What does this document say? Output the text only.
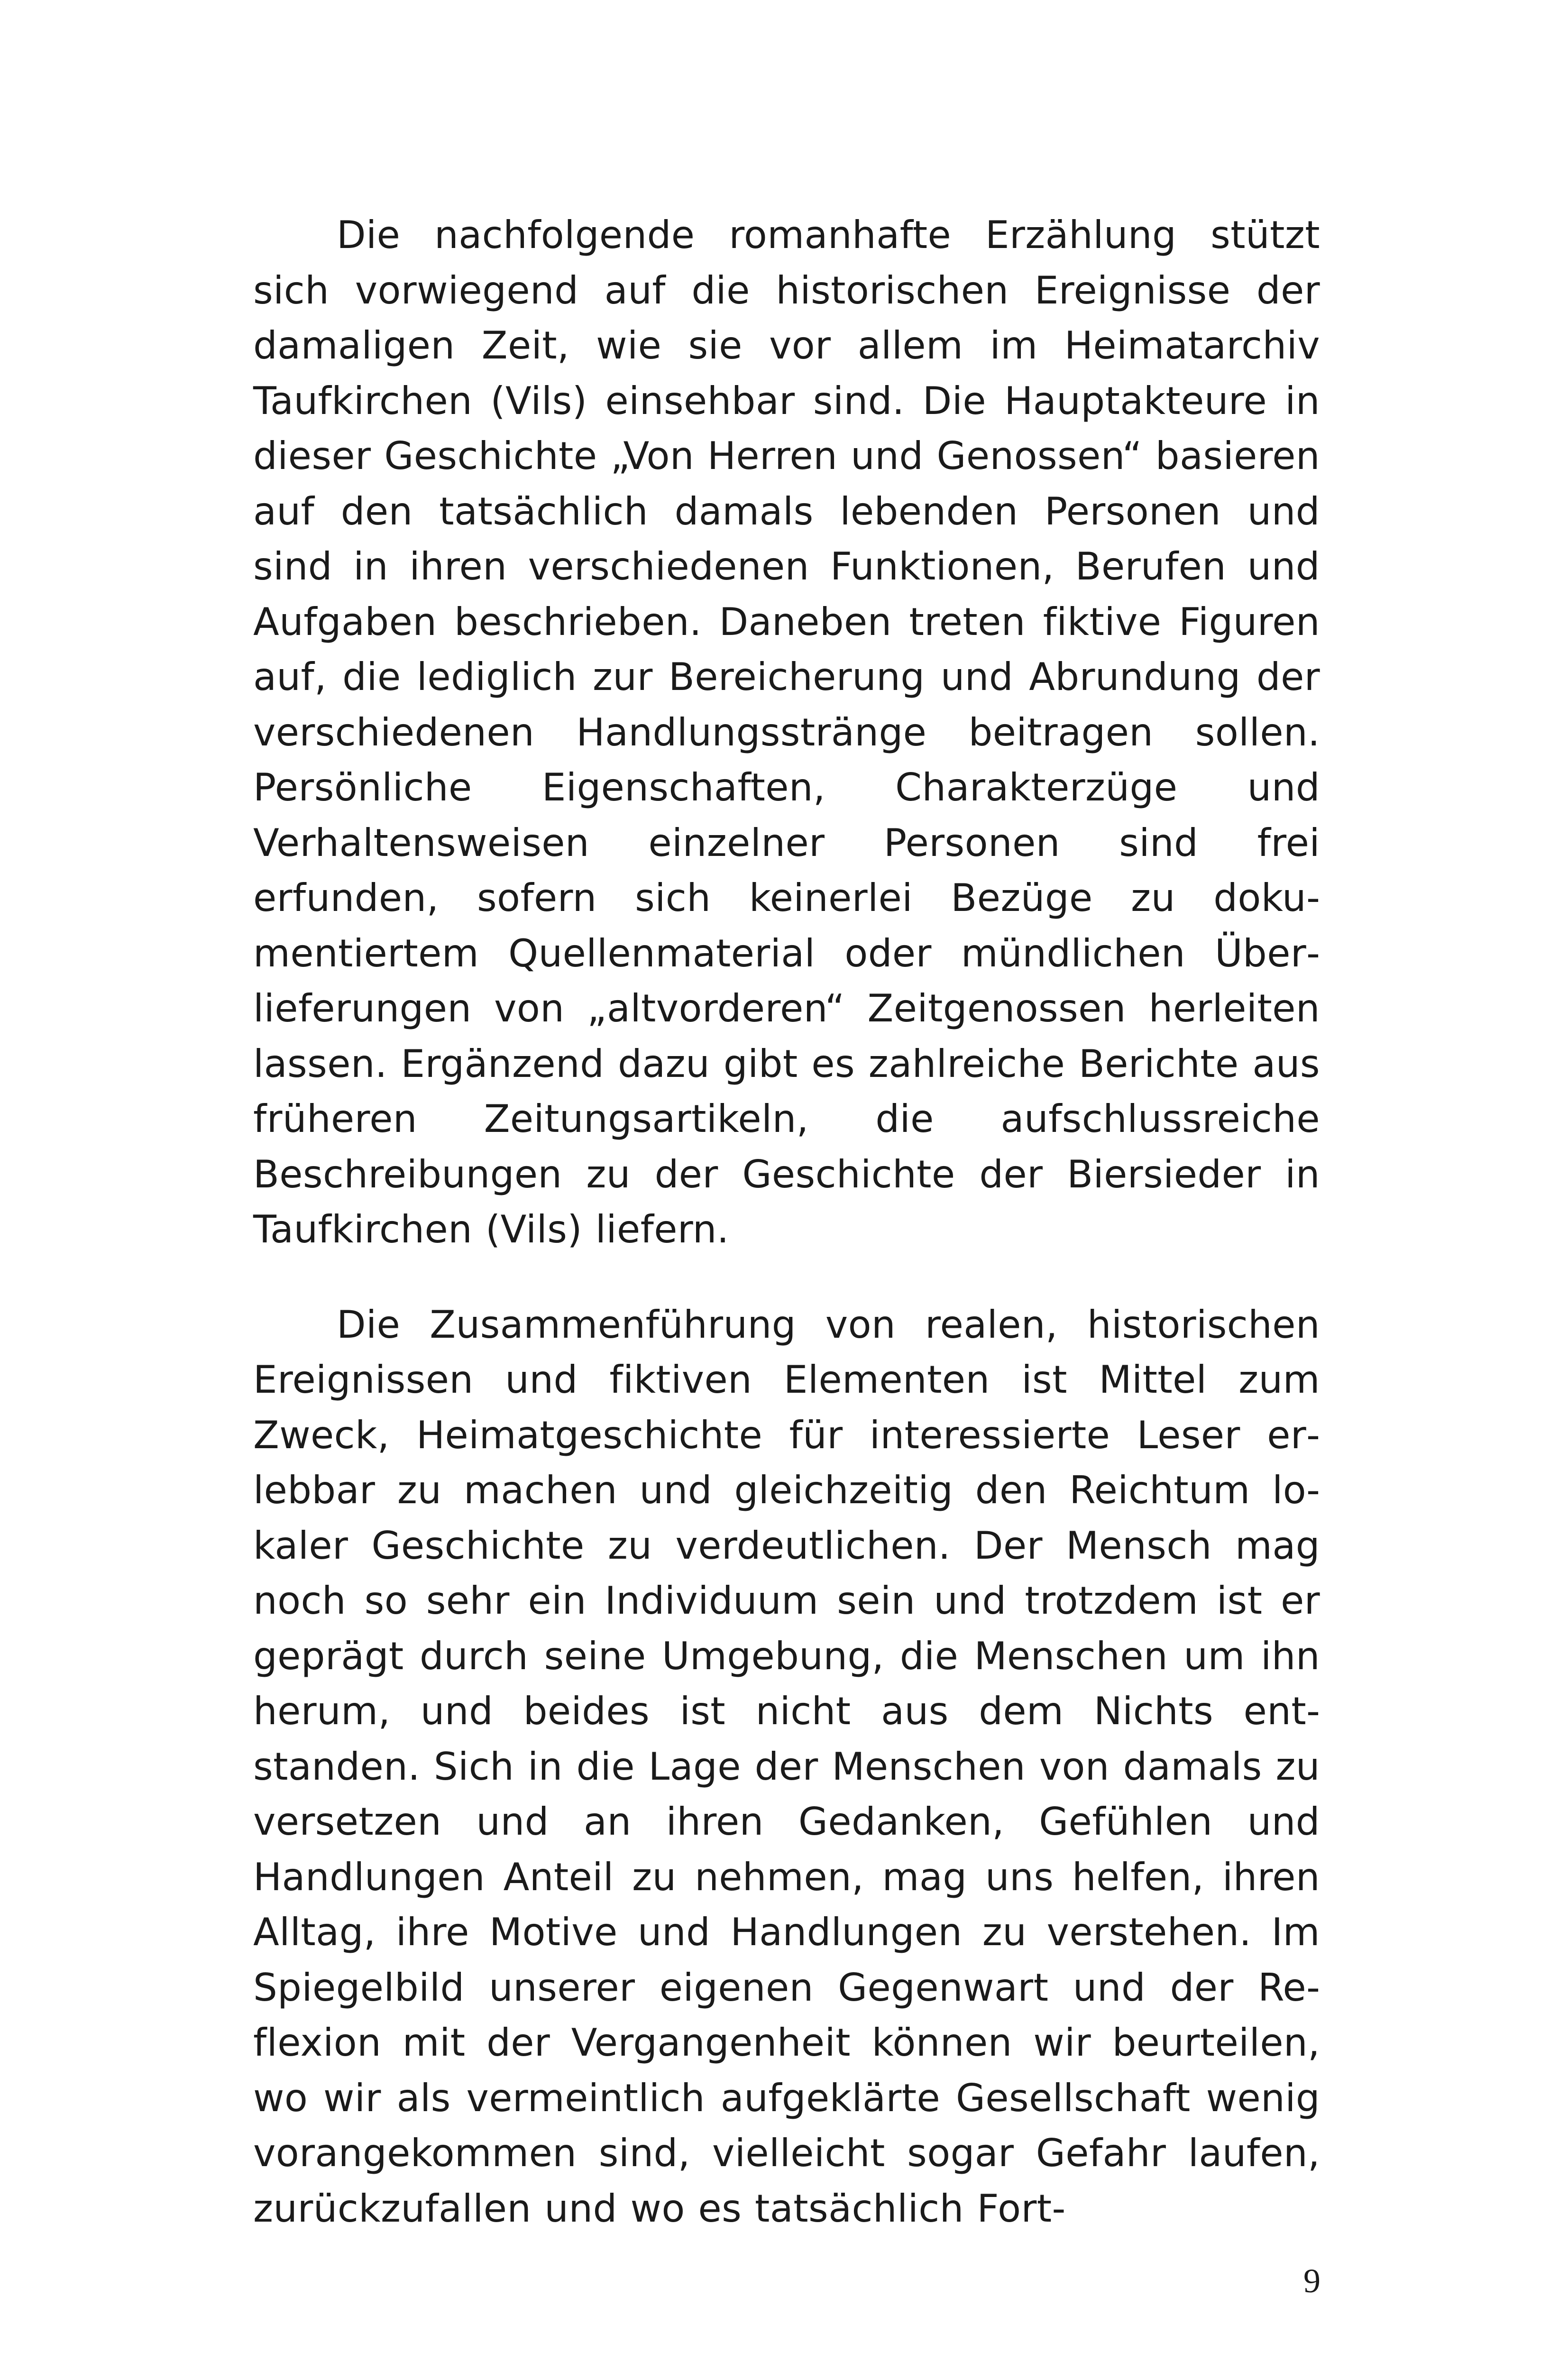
Die nachfolgende romanhafte Erzählung stützt sich vorwiegend auf die historischen Ereignisse der damaligen Zeit, wie sie vor allem im Heimatarchiv Taufkirchen (Vils) einsehbar sind. Die Hauptakteure in dieser Geschichte „Von Herren und Genossen“ basieren auf den tatsächlich damals lebenden Personen und sind in ihren verschiedenen Funktionen, Berufen und Aufgaben beschrieben. Daneben treten fiktive Figuren auf, die lediglich zur Bereicherung und Abrundung der verschiedenen Handlungsstränge beitragen sollen. Persönliche Eigenschaften, Charakterzüge und Verhaltensweisen einzelner Personen sind frei erfunden, sofern sich keinerlei Bezüge zu dokumentiertem Quellenmaterial oder mündlichen Überlieferungen von „altvorderen“ Zeitgenossen herleiten lassen. Ergänzend dazu gibt es zahlreiche Berichte aus früheren Zeitungsartikeln, die aufschlussreiche Beschreibungen zu der Geschichte der Biersieder in Taufkirchen (Vils) liefern.

Die Zusammenführung von realen, historischen Ereignissen und fiktiven Elementen ist Mittel zum Zweck, Heimatgeschichte für interessierte Leser erlebbar zu machen und gleichzeitig den Reichtum lokaler Geschichte zu verdeutlichen. Der Mensch mag noch so sehr ein Individuum sein und trotzdem ist er geprägt durch seine Umgebung, die Menschen um ihn herum, und beides ist nicht aus dem Nichts entstanden. Sich in die Lage der Menschen von damals zu versetzen und an ihren Gedanken, Gefühlen und Handlungen Anteil zu nehmen, mag uns helfen, ihren Alltag, ihre Motive und Handlungen zu verstehen. Im Spiegelbild unserer eigenen Gegenwart und der Reflexion mit der Vergangenheit können wir beurteilen, wo wir als vermeintlich aufgeklärte Gesellschaft wenig vorangekommen sind, vielleicht sogar Gefahr laufen, zurückzufallen und wo es tatsächlich Fort-

9
